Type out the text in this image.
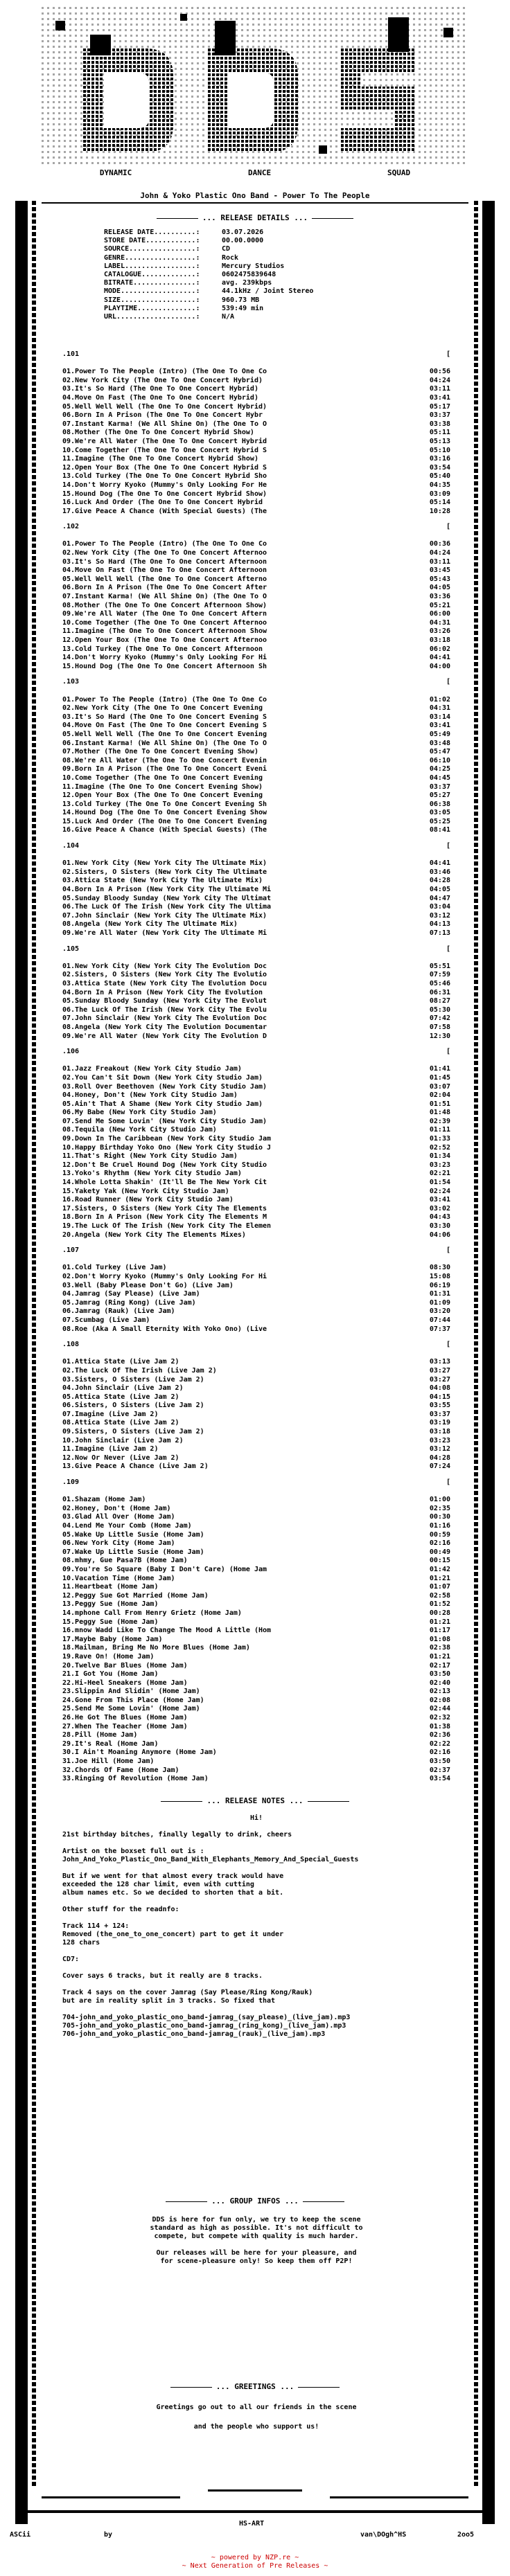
DYNAMIC	DANCE	SQUAD
John & Yoko Plastic Ono Band - Power To The People
... RELEASE DETAILS ...
RELEASE DATE..........:	03.07.2026
STORE DATE............:	00.00.0000
SOURCE................:	CD
GENRE.................:	Rock
LABEL.................:	Mercury Studios
CATALOGUE.............:	0602475839648
BITRATE...............:	avg. 239kbps
MODE..................:	44.1kHz / Joint Stereo
SIZE..................:	960.73 MB
PLAYTIME..............:	539:49 min
URL...................:	N/A
.101	[
01.Power To The People (Intro) (The One To One Co	00:56
02.New York City (The One To One Concert Hybrid)	04:24
03.It's So Hard (The One To One Concert Hybrid)	03:11
04.Move On Fast (The One To One Concert Hybrid)	03:41
05.Well Well Well (The One To One Concert Hybrid)	05:17
06.Born In A Prison (The One To One Concert Hybr	03:37
07.Instant Karma! (We All Shine On) (The One To O	03:38
08.Mother (The One To One Concert Hybrid Show)	05:11
09.We're All Water (The One To One Concert Hybrid	05:13
10.Come Together (The One To One Concert Hybrid S	05:10
11.Imagine (The One To One Concert Hybrid Show)	03:16
12.Open Your Box (The One To One Concert Hybrid S	03:54
13.Cold Turkey (The One To One Concert Hybrid Sho	05:40
14.Don't Worry Kyoko (Mummy's Only Looking For He	04:35
15.Hound Dog (The One To One Concert Hybrid Show)	03:09
16.Luck And Order (The One To One Concert Hybrid	05:14
17.Give Peace A Chance (With Special Guests) (The	10:28
.102	[
01.Power To The People (Intro) (The One To One Co	00:36
02.New York City (The One To One Concert Afternoo	04:24
03.It's So Hard (The One To One Concert Afternoon	03:11
04.Move On Fast (The One To One Concert Afternoon	03:45
05.Well Well Well (The One To One Concert Afterno	05:43
06.Born In A Prison (The One To One Concert After	04:05
07.Instant Karma! (We All Shine On) (The One To O	03:36
08.Mother (The One To One Concert Afternoon Show)	05:21
09.We're All Water (The One To One Concert Aftern	06:00
10.Come Together (The One To One Concert Afternoo	04:31
11.Imagine (The One To One Concert Afternoon Show	03:26
12.Open Your Box (The One To One Concert Afternoo	03:18
13.Cold Turkey (The One To One Concert Afternoon	06:02
14.Don't Worry Kyoko (Mummy's Only Looking For Hi	04:41
15.Hound Dog (The One To One Concert Afternoon Sh	04:00
.103	[
01.Power To The People (Intro) (The One To One Co	01:02
02.New York City (The One To One Concert Evening	04:31
03.It's So Hard (The One To One Concert Evening S	03:14
04.Move On Fast (The One To One Concert Evening S	03:41
05.Well Well Well (The One To One Concert Evening	05:49
06.Instant Karma! (We All Shine On) (The One To O	03:48
07.Mother (The One To One Concert Evening Show)	05:47
08.We're All Water (The One To One Concert Evenin	06:10
09.Born In A Prison (The One To One Concert Eveni	04:25
10.Come Together (The One To One Concert Evening	04:45
11.Imagine (The One To One Concert Evening Show)	03:37
12.Open Your Box (The One To One Concert Evening	05:27
13.Cold Turkey (The One To One Concert Evening Sh	06:38
14.Hound Dog (The One To One Concert Evening Show	03:05
15.Luck And Order (The One To One Concert Evening	05:25
16.Give Peace A Chance (With Special Guests) (The	08:41
.104	[
01.New York City (New York City The Ultimate Mix)	04:41
02.Sisters, O Sisters (New York City The Ultimate	03:46
03.Attica State (New York City The Ultimate Mix)	04:28
04.Born In A Prison (New York City The Ultimate Mi	04:05
05.Sunday Bloody Sunday (New York City The Ultimat	04:47
06.The Luck Of The Irish (New York City The Ultima	03:04
07.John Sinclair (New York City The Ultimate Mix)	03:12
08.Angela (New York City The Ultimate Mix)	04:13
09.We're All Water (New York City The Ultimate Mi	07:13
.105	[
01.New York City (New York City The Evolution Doc	05:51
02.Sisters, O Sisters (New York City The Evolutio	07:59
03.Attica State (New York City The Evolution Docu	05:46
04.Born In A Prison (New York City The Evolution	06:31
05.Sunday Bloody Sunday (New York City The Evolut	08:27
06.The Luck Of The Irish (New York City The Evolu	05:30
07.John Sinclair (New York City The Evolution Doc	07:42
08.Angela (New York City The Evolution Documentar	07:58
09.We're All Water (New York City The Evolution D	12:30
.106	[
01.Jazz Freakout (New York City Studio Jam)	01:41
02.You Can't Sit Down (New York City Studio Jam)	01:45
03.Roll Over Beethoven (New York City Studio Jam)	03:07
04.Honey, Don't (New York City Studio Jam)	02:04
05.Ain't That A Shame (New York City Studio Jam)	01:51
06.My Babe (New York City Studio Jam)	01:48
07.Send Me Some Lovin' (New York City Studio Jam)	02:39
08.Tequila (New York City Studio Jam)	01:11
09.Down In The Caribbean (New York City Studio Jam	01:33
10.Happy Birthday Yoko Ono (New York City Studio J	02:52
11.That's Right (New York City Studio Jam)	01:34
12.Don't Be Cruel Hound Dog (New York City Studio	03:23
13.Yoko's Rhythm (New York City Studio Jam)	02:21
14.Whole Lotta Shakin' (It'll Be The New York Cit	01:54
15.Yakety Yak (New York City Studio Jam)	02:24
16.Road Runner (New York City Studio Jam)	03:41
17.Sisters, O Sisters (New York City The Elements	03:02
18.Born In A Prison (New York City The Elements M	04:43
19.The Luck Of The Irish (New York City The Elemen	03:30
20.Angela (New York City The Elements Mixes)	04:06
.107	[
01.Cold Turkey (Live Jam)	08:30
02.Don't Worry Kyoko (Mummy's Only Looking For Hi	15:08
03.Well (Baby Please Don't Go) (Live Jam)	06:19
04.Jamrag (Say Please) (Live Jam)	01:31
05.Jamrag (Ring Kong) (Live Jam)	01:09
06.Jamrag (Rauk) (Live Jam)	03:20
07.Scumbag (Live Jam)	07:44
08.Roe (Aka A Small Eternity With Yoko Ono) (Live	07:37
.108	[
01.Attica State (Live Jam 2)	03:13
02.The Luck Of The Irish (Live Jam 2)	03:27
03.Sisters, O Sisters (Live Jam 2)	03:27
04.John Sinclair (Live Jam 2)	04:08
05.Attica State (Live Jam 2)	04:15
06.Sisters, O Sisters (Live Jam 2)	03:55
07.Imagine (Live Jam 2)	03:37
08.Attica State (Live Jam 2)	03:19
09.Sisters, O Sisters (Live Jam 2)	03:18
10.John Sinclair (Live Jam 2)	03:23
11.Imagine (Live Jam 2)	03:12
12.Now Or Never (Live Jam 2)	04:28
13.Give Peace A Chance (Live Jam 2)	07:24
.109	[
01.Shazam (Home Jam)	01:00
02.Honey, Don't (Home Jam)	02:35
03.Glad All Over (Home Jam)	00:30
04.Lend Me Your Comb (Home Jam)	01:16
05.Wake Up Little Susie (Home Jam)	00:59
06.New York City (Home Jam)	02:16
07.Wake Up Little Susie (Home Jam)	00:49
08.mhmy, Gue Pasa?B (Home Jam)	00:15
09.You're So Square (Baby I Don't Care) (Home Jam	01:42
10.Vacation Time (Home Jam)	01:21
11.Heartbeat (Home Jam)	01:07
12.Peggy Sue Got Married (Home Jam)	02:58
13.Peggy Sue (Home Jam)	01:52
14.mphone Call From Henry Grietz (Home Jam)	00:28
15.Peggy Sue (Home Jam)	01:21
16.mnow Wadd Like To Change The Mood A Little (Hom	01:17
17.Maybe Baby (Home Jam)	01:08
18.Mailman, Bring Me No More Blues (Home Jam)	02:38
19.Rave On! (Home Jam)	01:21
20.Twelve Bar Blues (Home Jam)	02:17
21.I Got You (Home Jam)	03:50
22.Hi-Heel Sneakers (Home Jam)	02:40
23.Slippin And Slidin' (Home Jam)	02:13
24.Gone From This Place (Home Jam)	02:08
25.Send Me Some Lovin' (Home Jam)	02:44
26.He Got The Blues (Home Jam)	02:32
27.When The Teacher (Home Jam)	01:38
28.Pill (Home Jam)	02:36
29.It's Real (Home Jam)	02:22
30.I Ain't Moaning Anymore (Home Jam)	02:16
31.Joe Hill (Home Jam)	03:50
32.Chords Of Fame (Home Jam)	02:37
33.Ringing Of Revolution (Home Jam)	03:54
... RELEASE NOTES ...

Hi!

21st birthday bitches, finally legally to drink, cheers

Artist on the boxset full out is :
John_And_Yoko_Plastic_Ono_Band_With_Elephants_Memory_And_Special_Guests

But if we went for that almost every track would have
exceeded the 128 char limit, even with cutting
album names etc. So we decided to shorten that a bit.

Other stuff for the readnfo:

Track 114 + 124:
Removed (the_one_to_one_concert) part to get it under
128 chars

CD7:

Cover says 6 tracks, but it really are 8 tracks.

Track 4 says on the cover Jamrag (Say Please/Ring Kong/Rauk)
but are in reality split in 3 tracks. So fixed that

704-john_and_yoko_plastic_ono_band-jamrag_(say_please)_(live_jam).mp3
705-john_and_yoko_plastic_ono_band-jamrag_(ring_kong)_(live_jam).mp3
706-john_and_yoko_plastic_ono_band-jamrag_(rauk)_(live_jam).mp3

... GROUP INFOS ...

DDS is here for fun only, we try to keep the scene
standard as high as possible. It's not difficult to
compete, but compete with quality is much harder.

Our releases will be here for your pleasure, and
for scene-pleasure only! So keep them off P2P!

... GREETINGS ...
Greetings go out to all our friends in the scene
and the people who support us!
ASCii	by
HS-ART
van\DOgh^HS	2oo5
~ powered by NZP.re ~
~ Next Generation of Pre Releases ~
